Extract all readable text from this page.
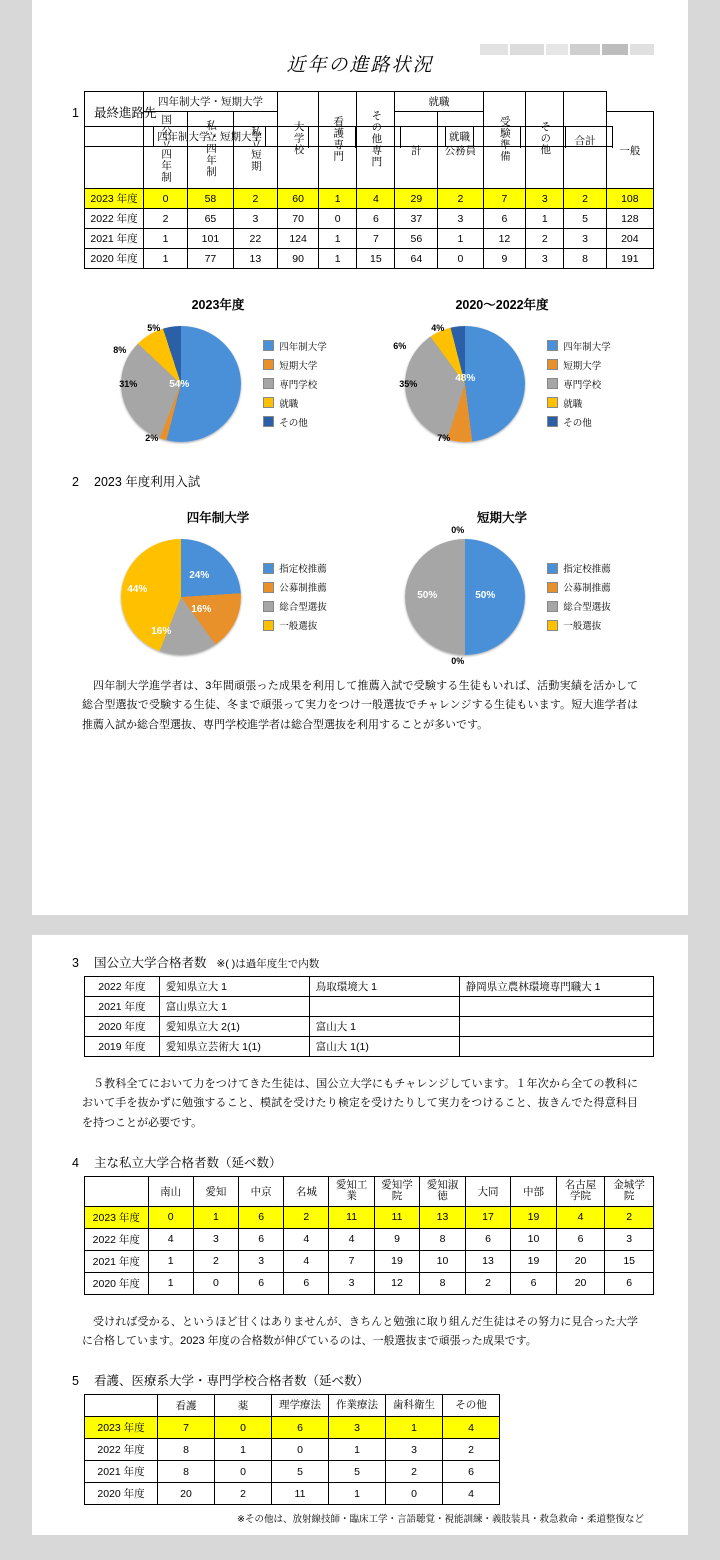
近年の進路状況
1 最終進路先
	四年制大学・短期大学					就職			

	四年制大学・短期大学			大学校	看護専門	その他専門	就職		受験準備	その他	合計	
	国公立四年制	私立四年制	私立短期				計	公務員				一般
2023 年度	0	58	2	60	1	4	29	2	7	3	2	108
2022 年度	2	65	3	70	0	6	37	3	6	1	5	128
2021 年度	1	101	22	124	1	7	56	1	12	2	3	204
2020 年度	1	77	13	90	1	15	64	0	9	3	8	191
2023年度
54%
2%
31%
8%
5%
四年制大学
短期大学
専門学校
就職
その他
2020〜2022年度
48%
7%
35%
6%
4%
四年制大学
短期大学
専門学校
就職
その他
2 2023 年度利用入試
四年制大学
24%
16%
16%
44%
指定校推薦
公募制推薦
総合型選抜
一般選抜
短期大学
0%
50%
50%
0%
指定校推薦
公募制推薦
総合型選抜
一般選抜
四年制大学進学者は、3年間頑張った成果を利用して推薦入試で受験する生徒もいれば、活動実績を活かして総合型選抜で受験する生徒、冬まで頑張って実力をつけ一般選抜でチャレンジする生徒もいます。短大進学者は推薦入試か総合型選抜、専門学校進学者は総合型選抜を利用することが多いです。
3 国公立大学合格者数 ※( )は過年度生で内数
2022 年度	愛知県立大 1	鳥取環境大 1	静岡県立農林環境専門職大 1
2021 年度	富山県立大 1		
2020 年度	愛知県立大 2(1)	富山大 1	
2019 年度	愛知県立芸術大 1(1)	富山大 1(1)	
５教科全てにおいて力をつけてきた生徒は、国公立大学にもチャレンジしています。１年次から全ての教科において手を抜かずに勉強すること、模試を受けたり検定を受けたりして実力をつけること、抜きんでた得意科目を持つことが必要です。
4 主な私立大学合格者数（延べ数）
	南山	愛知	中京	名城	愛知工業	愛知学院	愛知淑徳	大同	中部	名古屋学院	金城学院
2023 年度	0	1	6	2	11	11	13	17	19	4	2
2022 年度	4	3	6	4	4	9	8	6	10	6	3
2021 年度	1	2	3	4	7	19	10	13	19	20	15
2020 年度	1	0	6	6	3	12	8	2	6	20	6
受ければ受かる、というほど甘くはありませんが、きちんと勉強に取り組んだ生徒はその努力に見合った大学に合格しています。2023 年度の合格数が伸びているのは、一般選抜まで頑張った成果です。
5 看護、医療系大学・専門学校合格者数（延べ数）
	看護	薬	理学療法	作業療法	歯科衛生	その他
2023 年度	7	0	6	3	1	4
2022 年度	8	1	0	1	3	2
2021 年度	8	0	5	5	2	6
2020 年度	20	2	11	1	0	4
※その他は、放射線技師・臨床工学・言語聴覚・視能訓練・義肢装具・救急救命・柔道整復など
